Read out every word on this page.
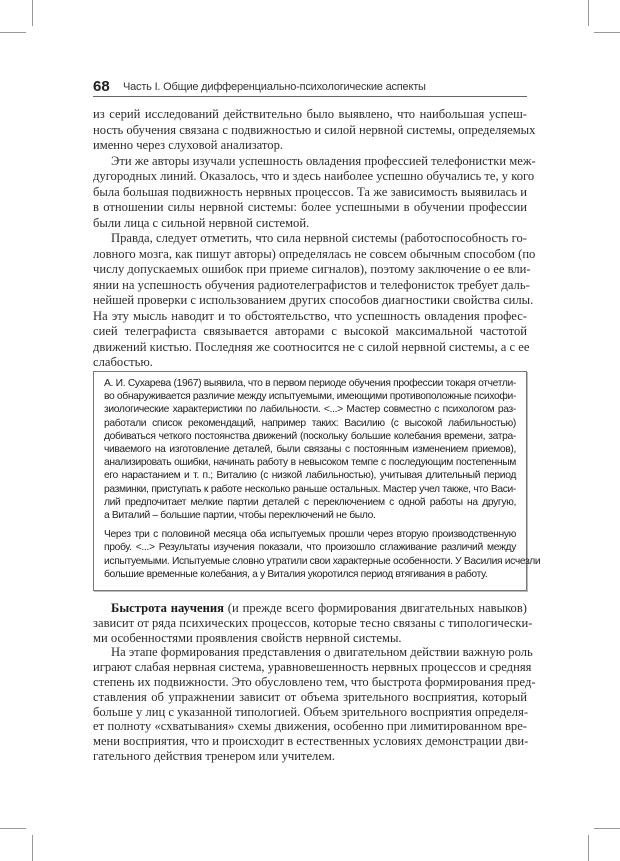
68 Часть I. Общие дифференциально-психологические аспекты
из серий исследований действительно было выявлено, что наибольшая успеш-
ность обучения связана с подвижностью и силой нервной системы, определяемых
именно через слуховой анализатор.
Эти же авторы изучали успешность овладения профессией телефонистки меж-
дугородных линий. Оказалось, что и здесь наиболее успешно обучались те, у кого
была большая подвижность нервных процессов. Та же зависимость выявилась и
в отношении силы нервной системы: более успешными в обучении профессии
были лица с сильной нервной системой.
Правда, следует отметить, что сила нервной системы (работоспособность го-
ловного мозга, как пишут авторы) определялась не совсем обычным способом (по
числу допускаемых ошибок при приеме сигналов), поэтому заключение о ее вли-
янии на успешность обучения радиотелеграфистов и телефонисток требует даль-
нейшей проверки с использованием других способов диагностики свойства силы.
На эту мысль наводит и то обстоятельство, что успешность овладения профес-
сией телеграфиста связывается авторами с высокой максимальной частотой
движений кистью. Последняя же соотносится не с силой нервной системы, а с ее
слабостью.
А. И. Сухарева (1967) выявила, что в первом периоде обучения профессии токаря отчетли-
во обнаруживается различие между испытуемыми, имеющими противоположные психофи-
зиологические характеристики по лабильности. <...> Мастер совместно с психологом раз-
работали список рекомендаций, например таких: Василию (с высокой лабильностью)
добиваться четкого постоянства движений (поскольку большие колебания времени, затра-
чиваемого на изготовление деталей, были связаны с постоянным изменением приемов),
анализировать ошибки, начинать работу в невысоком темпе с последующим постепенным
его нарастанием и т. п.; Виталию (с низкой лабильностью), учитывая длительный период
разминки, приступать к работе несколько раньше остальных. Мастер учел также, что Васи-
лий предпочитает мелкие партии деталей с переключением с одной работы на другую,
а Виталий – большие партии, чтобы переключений не было.
Через три с половиной месяца оба испытуемых прошли через вторую производственную
пробу. <...> Результаты изучения показали, что произошло сглаживание различий между
испытуемыми. Испытуемые словно утратили свои характерные особенности. У Василия исчезли
большие временные колебания, а у Виталия укоротился период втягивания в работу.
Быстрота научения (и прежде всего формирования двигательных навыков)
зависит от ряда психических процессов, которые тесно связаны с типологически-
ми особенностями проявления свойств нервной системы.
На этапе формирования представления о двигательном действии важную роль
играют слабая нервная система, уравновешенность нервных процессов и средняя
степень их подвижности. Это обусловлено тем, что быстрота формирования пред-
ставления об упражнении зависит от объема зрительного восприятия, который
больше у лиц с указанной типологией. Объем зрительного восприятия определя-
ет полноту «схватывания» схемы движения, особенно при лимитированном вре-
мени восприятия, что и происходит в естественных условиях демонстрации дви-
гательного действия тренером или учителем.
